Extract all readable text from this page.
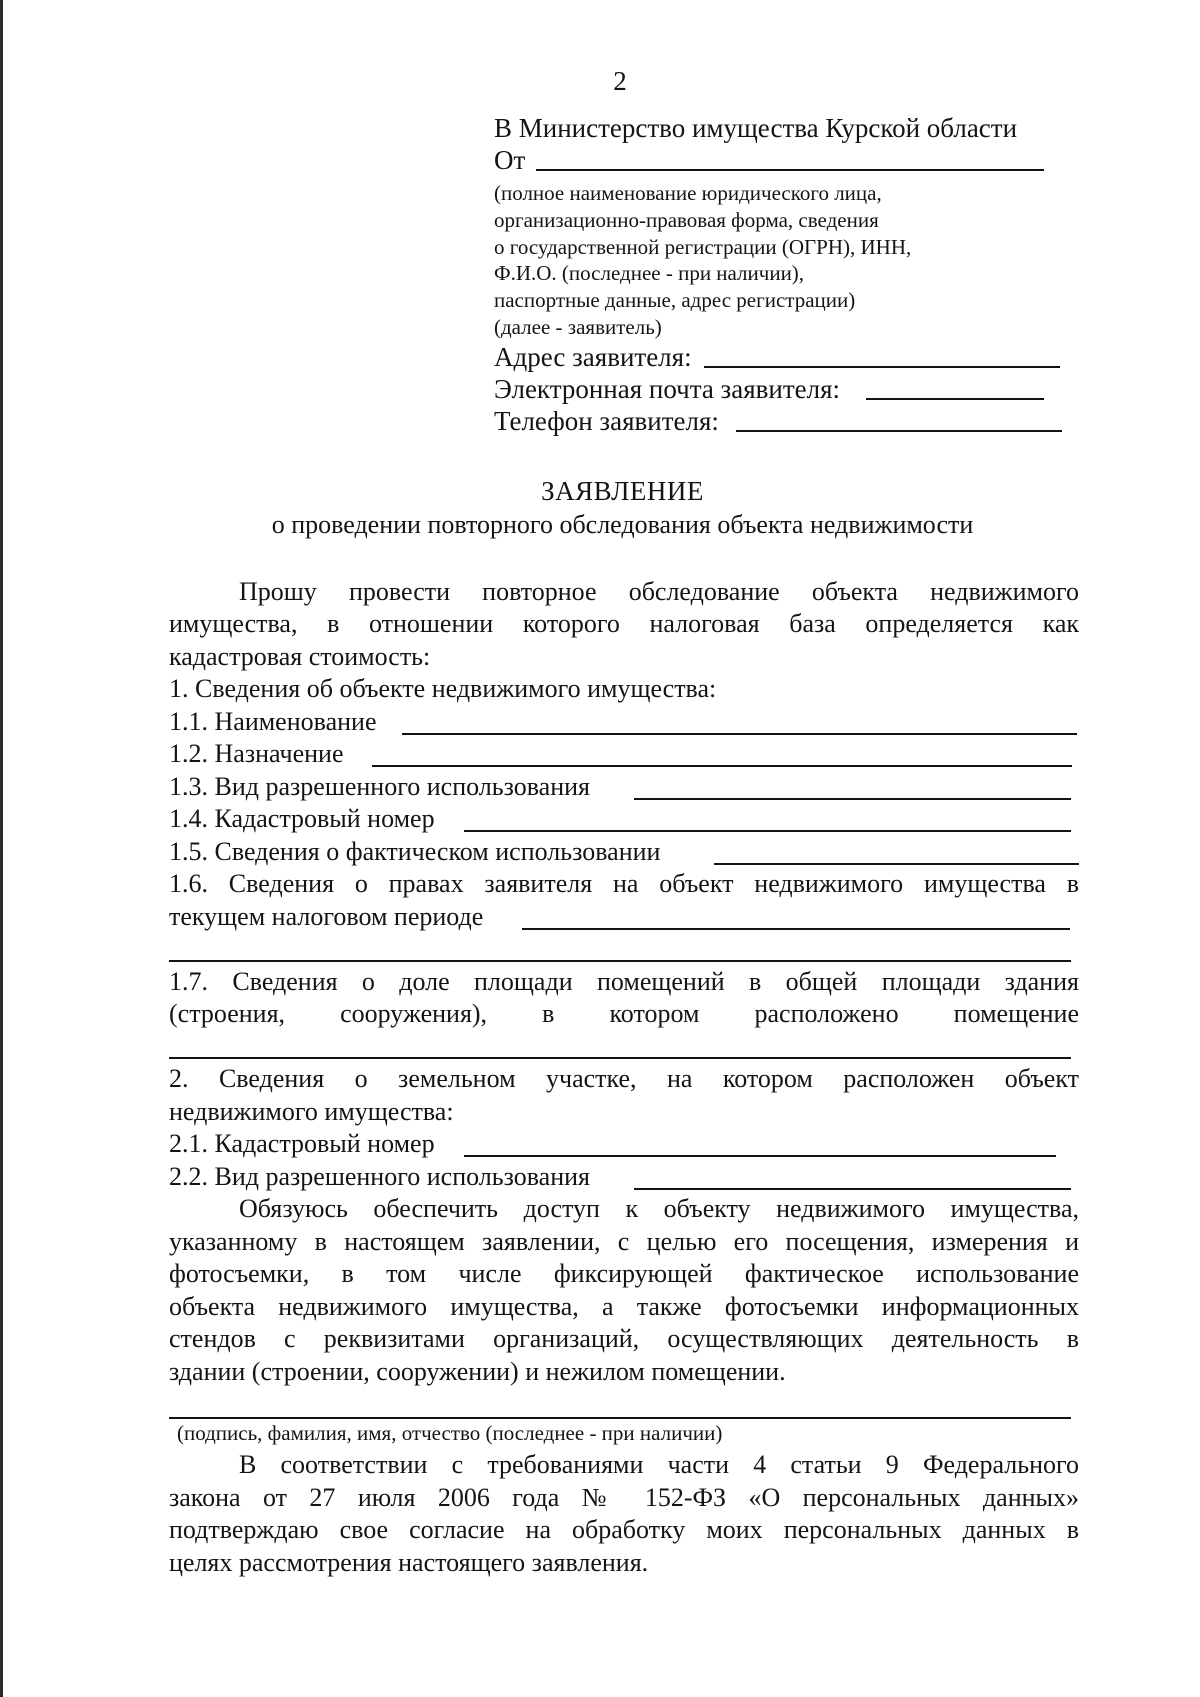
2
В Министерство имущества Курской области
От
(полное наименование юридического лица,
организационно-правовая форма, сведения
о государственной регистрации (ОГРН), ИНН,
Ф.И.О. (последнее - при наличии),
паспортные данные, адрес регистрации)
(далее - заявитель)
Адрес заявителя:
Электронная почта заявителя:
Телефон заявителя:
ЗАЯВЛЕНИЕ
о проведении повторного обследования объекта недвижимости
Прошу провести повторное обследование объекта недвижимого
имущества, в отношении которого налоговая база определяется как
кадастровая стоимость:
1. Сведения об объекте недвижимого имущества:
1.1. Наименование
1.2. Назначение
1.3. Вид разрешенного использования
1.4. Кадастровый номер
1.5. Сведения о фактическом использовании
1.6. Сведения о правах заявителя на объект недвижимого имущества в
текущем налоговом периоде
1.7. Сведения о доле площади помещений в общей площади здания
(строения, сооружения), в котором расположено помещение
2. Сведения о земельном участке, на котором расположен объект
недвижимого имущества:
2.1. Кадастровый номер
2.2. Вид разрешенного использования
Обязуюсь обеспечить доступ к объекту недвижимого имущества,
указанному в настоящем заявлении, с целью его посещения, измерения и
фотосъемки, в том числе фиксирующей фактическое использование
объекта недвижимого имущества, а также фотосъемки информационных
стендов с реквизитами организаций, осуществляющих деятельность в
здании (строении, сооружении) и нежилом помещении.
(подпись, фамилия, имя, отчество (последнее - при наличии)
В соответствии с требованиями части 4 статьи 9 Федерального
закона от 27 июля 2006 года № 152-ФЗ «О персональных данных»
подтверждаю свое согласие на обработку моих персональных данных в
целях рассмотрения настоящего заявления.
